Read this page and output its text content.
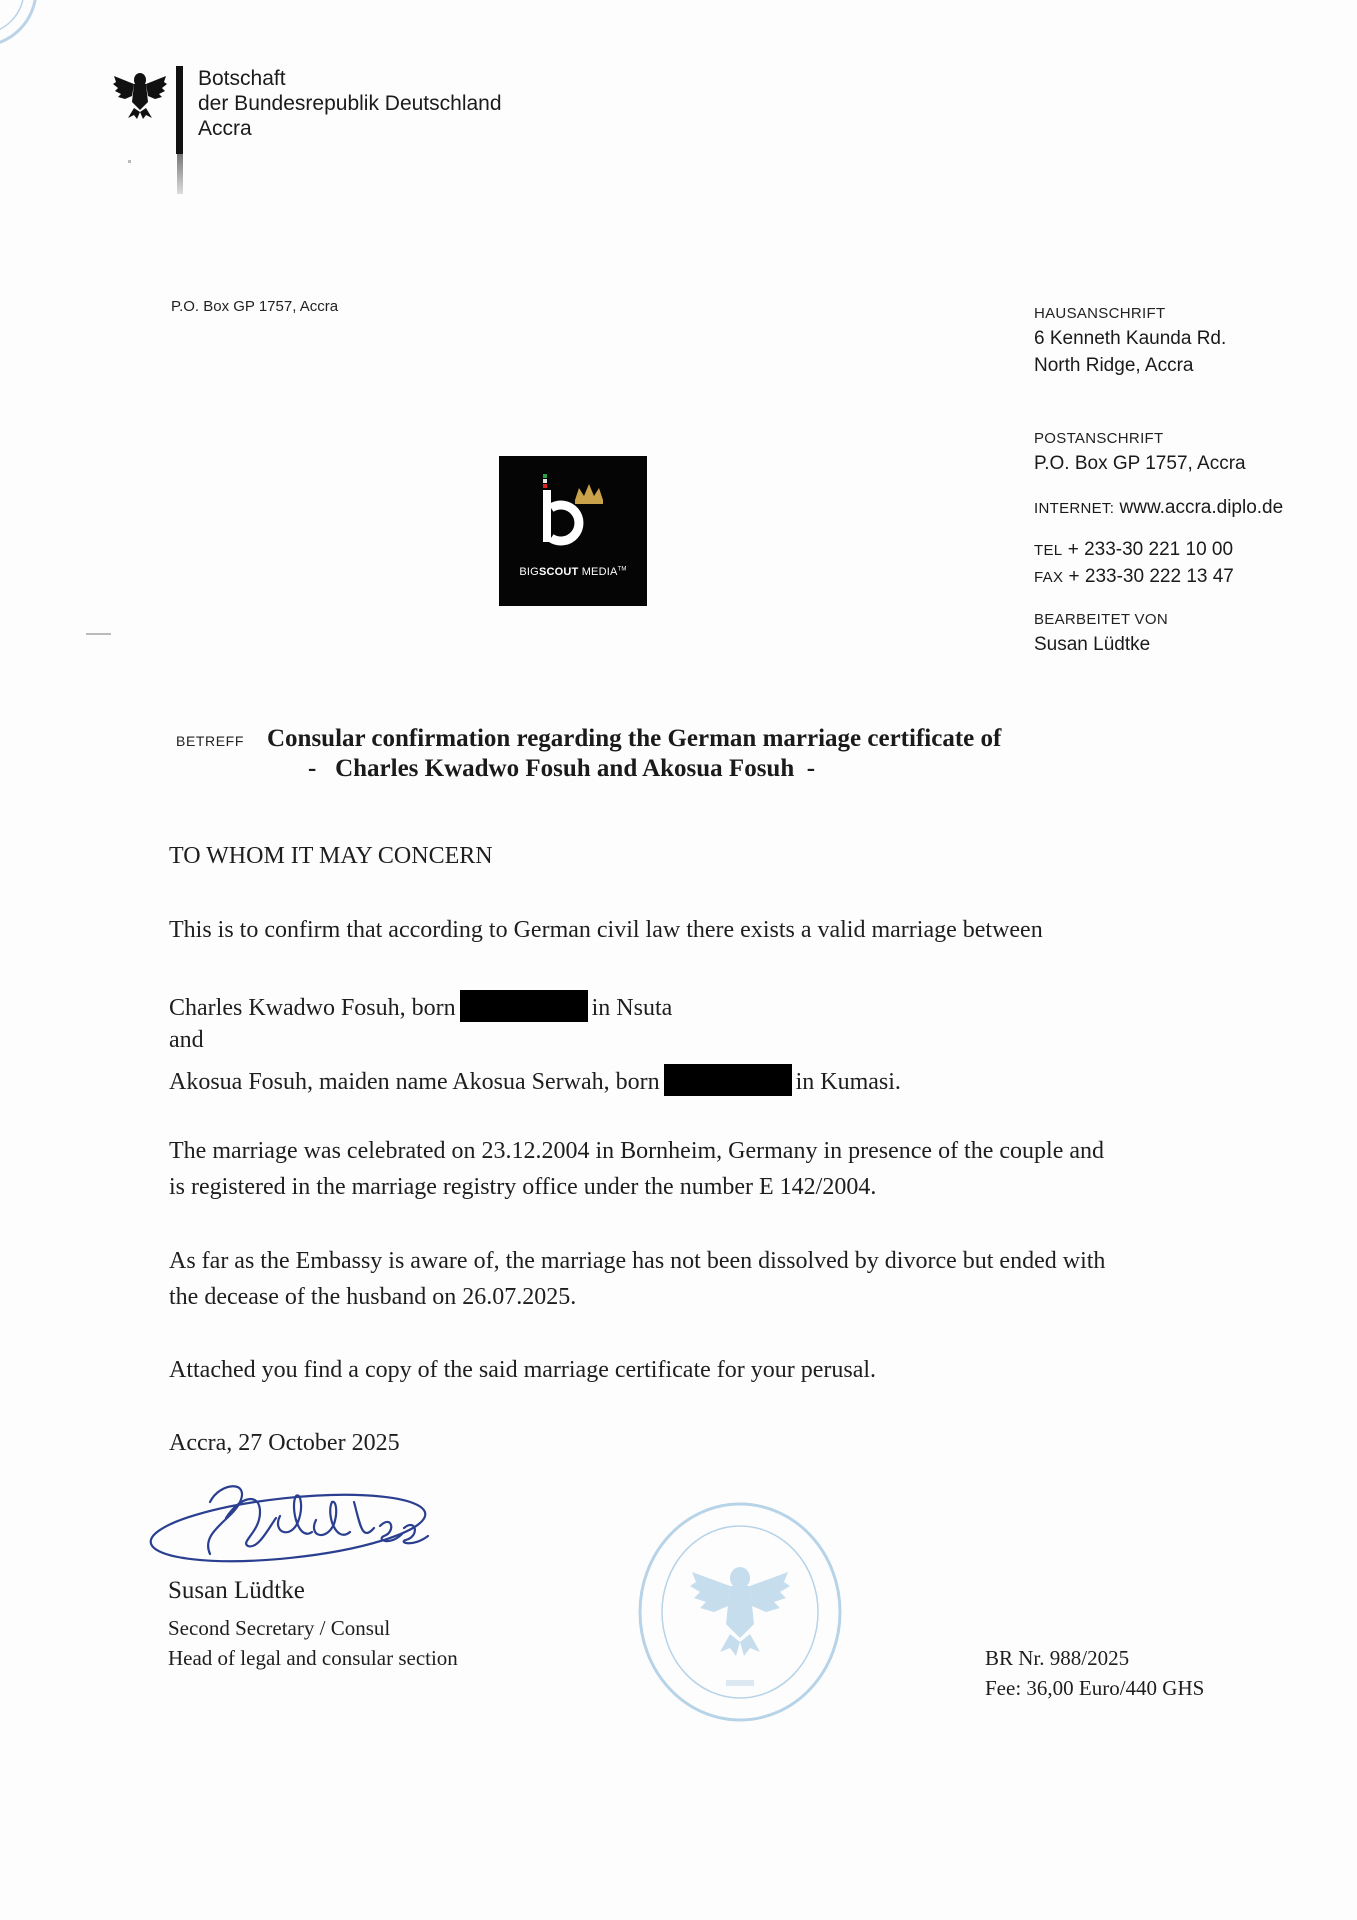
Botschaft
der Bundesrepublik Deutschland
Accra
P.O. Box GP 1757, Accra	HAUSANSCHRIFT
6 Kenneth Kaunda Rd.
North Ridge, Accra
POSTANSCHRIFT
P.O. Box GP 1757, Accra
INTERNET: www.accra.diplo.de
TEL + 233-30 221 10 00
FAX + 233-30 222 13 47
BEARBEITET VON
Susan Lüdtke
BIGSCOUT MEDIA™
BETREFF Consular confirmation regarding the German marriage certificate of
-   Charles Kwadwo Fosuh and Akosua Fosuh  -
TO WHOM IT MAY CONCERN
This is to confirm that according to German civil law there exists a valid marriage between
Charles Kwadwo Fosuh, born	in Nsuta
and
Akosua Fosuh, maiden name Akosua Serwah, born	in Kumasi.
The marriage was celebrated on 23.12.2004 in Bornheim, Germany in presence of the couple and
is registered in the marriage registry office under the number E 142/2004.
As far as the Embassy is aware of, the marriage has not been dissolved by divorce but ended with
the decease of the husband on 26.07.2025.
Attached you find a copy of the said marriage certificate for your perusal.
Accra, 27 October 2025
Susan Lüdtke
Second Secretary / Consul
Head of legal and consular section	BR Nr. 988/2025
Fee: 36,00 Euro/440 GHS
